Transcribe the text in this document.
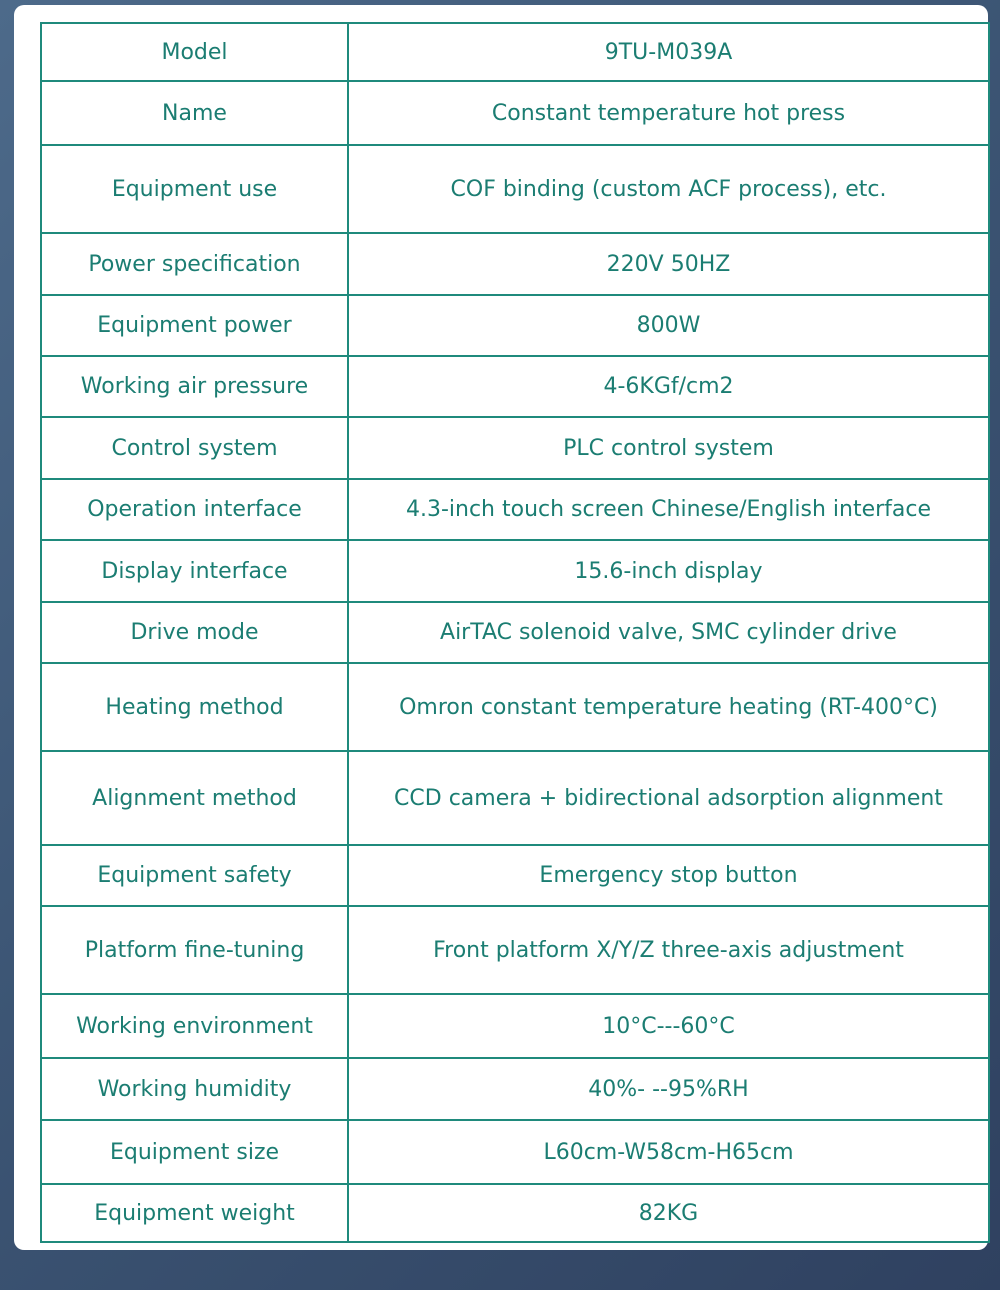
Model	9TU-M039A
Name	Constant temperature hot press
Equipment use	COF binding (custom ACF process), etc.
Power specification	220V 50HZ
Equipment power	800W
Working air pressure	4-6KGf/cm2
Control system	PLC control system
Operation interface	4.3-inch touch screen Chinese/English interface
Display interface	15.6-inch display
Drive mode	AirTAC solenoid valve, SMC cylinder drive
Heating method	Omron constant temperature heating (RT-400°C)
Alignment method	CCD camera + bidirectional adsorption alignment
Equipment safety	Emergency stop button
Platform fine-tuning	Front platform X/Y/Z three-axis adjustment
Working environment	10°C---60°C
Working humidity	40%- --95%RH
Equipment size	L60cm-W58cm-H65cm
Equipment weight	82KG
